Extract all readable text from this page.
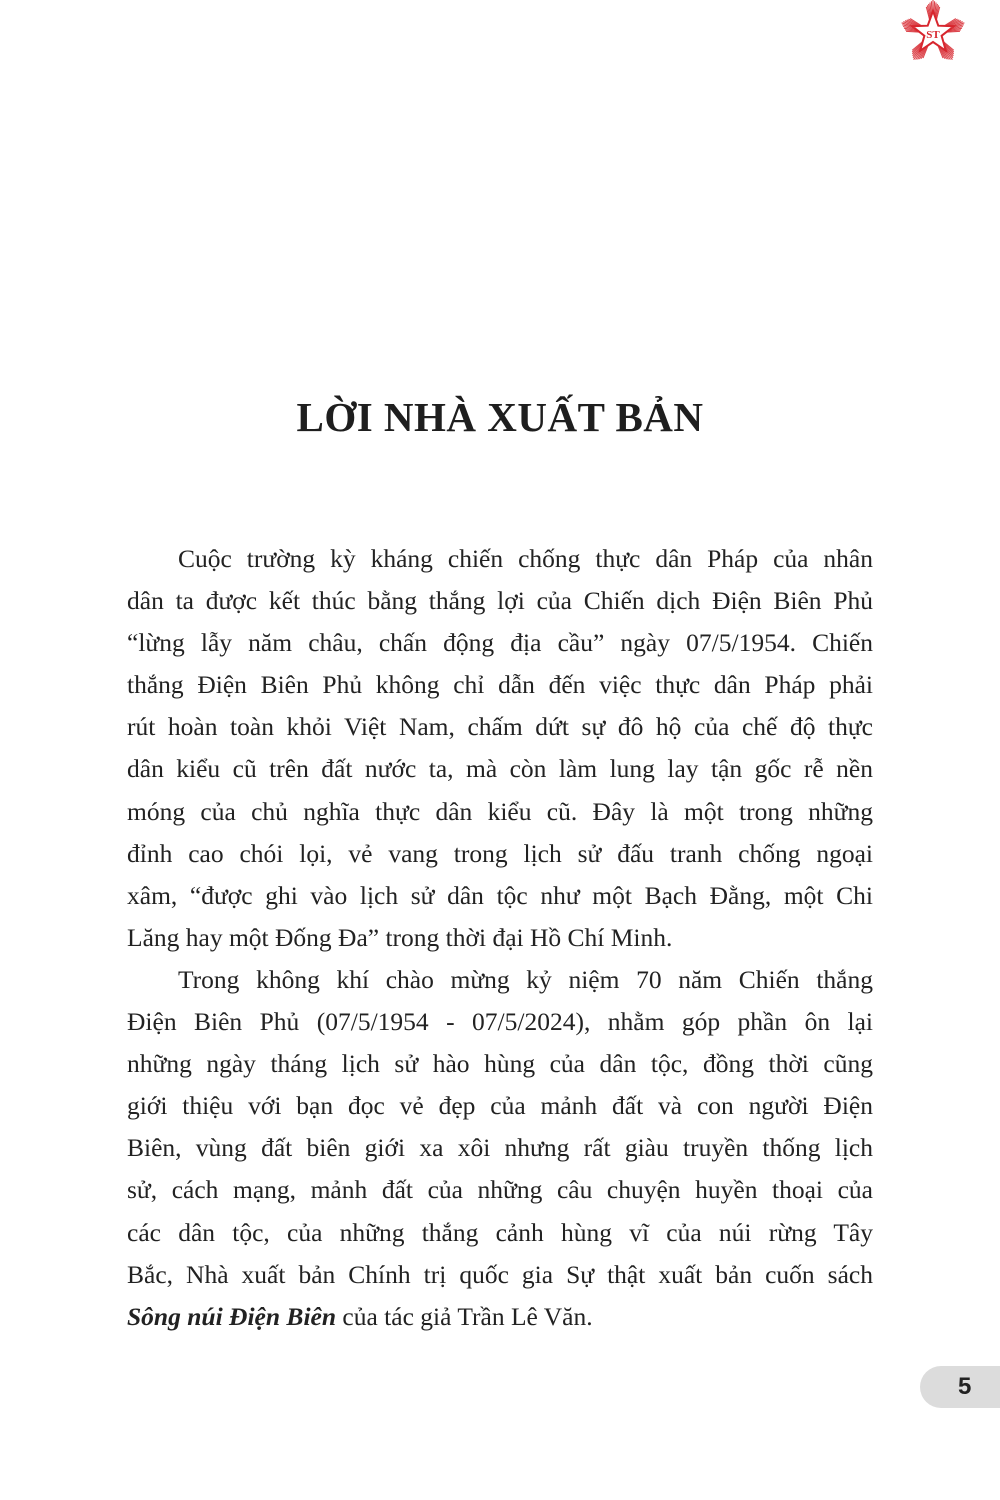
ST
LỜI NHÀ XUẤT BẢN
Cuộc trường kỳ kháng chiến chống thực dân Pháp của nhân
dân ta được kết thúc bằng thắng lợi của Chiến dịch Điện Biên Phủ
“lừng lẫy năm châu, chấn động địa cầu” ngày 07/5/1954. Chiến
thắng Điện Biên Phủ không chỉ dẫn đến việc thực dân Pháp phải
rút hoàn toàn khỏi Việt Nam, chấm dứt sự đô hộ của chế độ thực
dân kiểu cũ trên đất nước ta, mà còn làm lung lay tận gốc rễ nền
móng của chủ nghĩa thực dân kiểu cũ. Đây là một trong những
đỉnh cao chói lọi, vẻ vang trong lịch sử đấu tranh chống ngoại
xâm, “được ghi vào lịch sử dân tộc như một Bạch Đằng, một Chi
Lăng hay một Đống Đa” trong thời đại Hồ Chí Minh.
Trong không khí chào mừng kỷ niệm 70 năm Chiến thắng
Điện Biên Phủ (07/5/1954 - 07/5/2024), nhằm góp phần ôn lại
những ngày tháng lịch sử hào hùng của dân tộc, đồng thời cũng
giới thiệu với bạn đọc vẻ đẹp của mảnh đất và con người Điện
Biên, vùng đất biên giới xa xôi nhưng rất giàu truyền thống lịch
sử, cách mạng, mảnh đất của những câu chuyện huyền thoại của
các dân tộc, của những thắng cảnh hùng vĩ của núi rừng Tây
Bắc, Nhà xuất bản Chính trị quốc gia Sự thật xuất bản cuốn sách
Sông núi Điện Biên của tác giả Trần Lê Văn.
5
